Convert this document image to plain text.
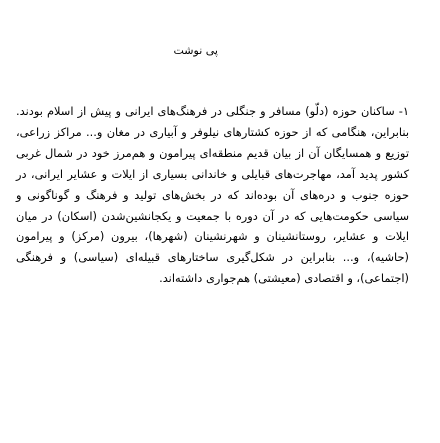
پی نوشت

۱- ساکنان حوزه (دلّو) مسافر و جنگلی در فرهنگ‌های ایرانی و پیش از اسلام بودند. بنابراین، هنگامی که از حوزه کشتارهای نیلوفر و آبیاری در مغان و... مراکز زراعی، توزیع و همسایگان آن از بیان قدیم منطقه‌ای پیرامون و هم‌مرز خود در شمال غربی کشور پدید آمد، مهاجرت‌های قبایلی و خاندانی بسیاری از ایلات و عشایر ایرانی، در حوزه جنوب و دره‌های آن بوده‌اند که در بخش‌های تولید و فرهنگ و گوناگونی و سیاسی حکومت‌هایی که در آن دوره با جمعیت و یکجانشین‌شدن (اسکان) در میان ایلات و عشایر، روستانشینان و شهرنشینان (شهرها)، بیرون (مرکز) و پیرامون (حاشیه)، و... بنابراین در شکل‌گیری ساختارهای قبیله‌ای (سیاسی) و فرهنگی (اجتماعی)، و اقتصادی (معیشتی) هم‌جواری داشته‌اند.
